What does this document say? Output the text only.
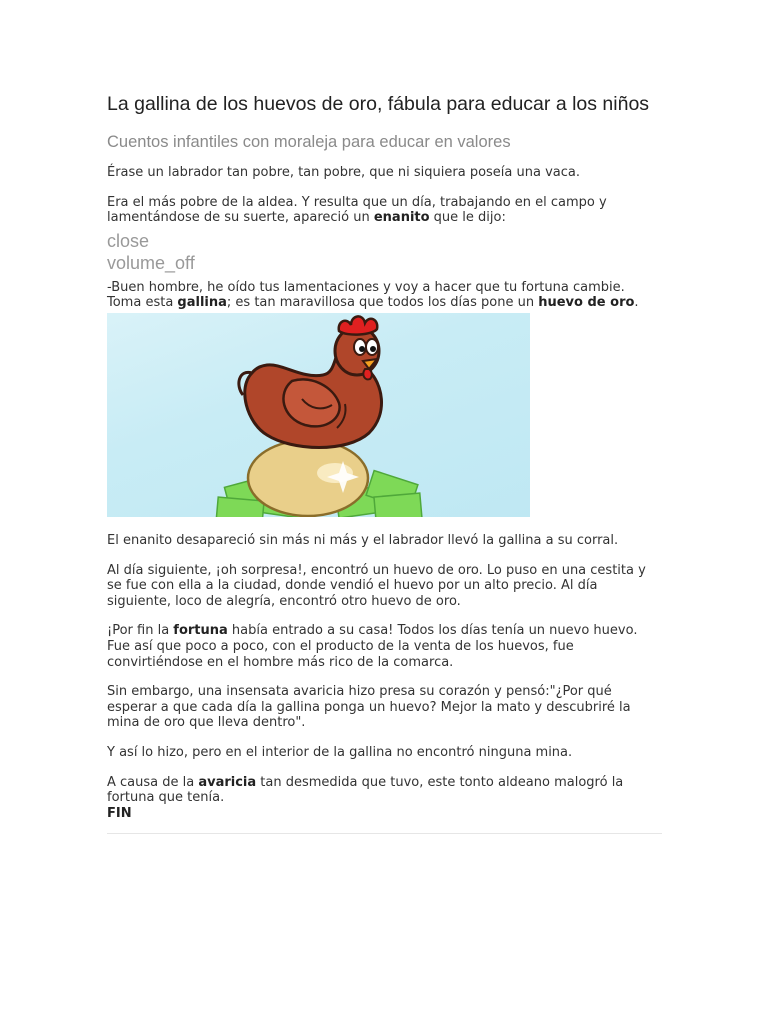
La gallina de los huevos de oro, fábula para educar a los niños
Cuentos infantiles con moraleja para educar en valores

Érase un labrador tan pobre, tan pobre, que ni siquiera poseía una vaca.

Era el más pobre de la aldea. Y resulta que un día, trabajando en el campo y lamentándose de su suerte, apareció un enanito que le dijo:

close
volume_off

-Buen hombre, he oído tus lamentaciones y voy a hacer que tu fortuna cambie. Toma esta gallina; es tan maravillosa que todos los días pone un huevo de oro.

El enanito desapareció sin más ni más y el labrador llevó la gallina a su corral.

Al día siguiente, ¡oh sorpresa!, encontró un huevo de oro. Lo puso en una cestita y se fue con ella a la ciudad, donde vendió el huevo por un alto precio. Al día siguiente, loco de alegría, encontró otro huevo de oro.

¡Por fin la fortuna había entrado a su casa! Todos los días tenía un nuevo huevo. Fue así que poco a poco, con el producto de la venta de los huevos, fue convirtiéndose en el hombre más rico de la comarca.

Sin embargo, una insensata avaricia hizo presa su corazón y pensó:"¿Por qué esperar a que cada día la gallina ponga un huevo? Mejor la mato y descubriré la mina de oro que lleva dentro".

Y así lo hizo, pero en el interior de la gallina no encontró ninguna mina.

A causa de la avaricia tan desmedida que tuvo, este tonto aldeano malogró la fortuna que tenía.

FIN
